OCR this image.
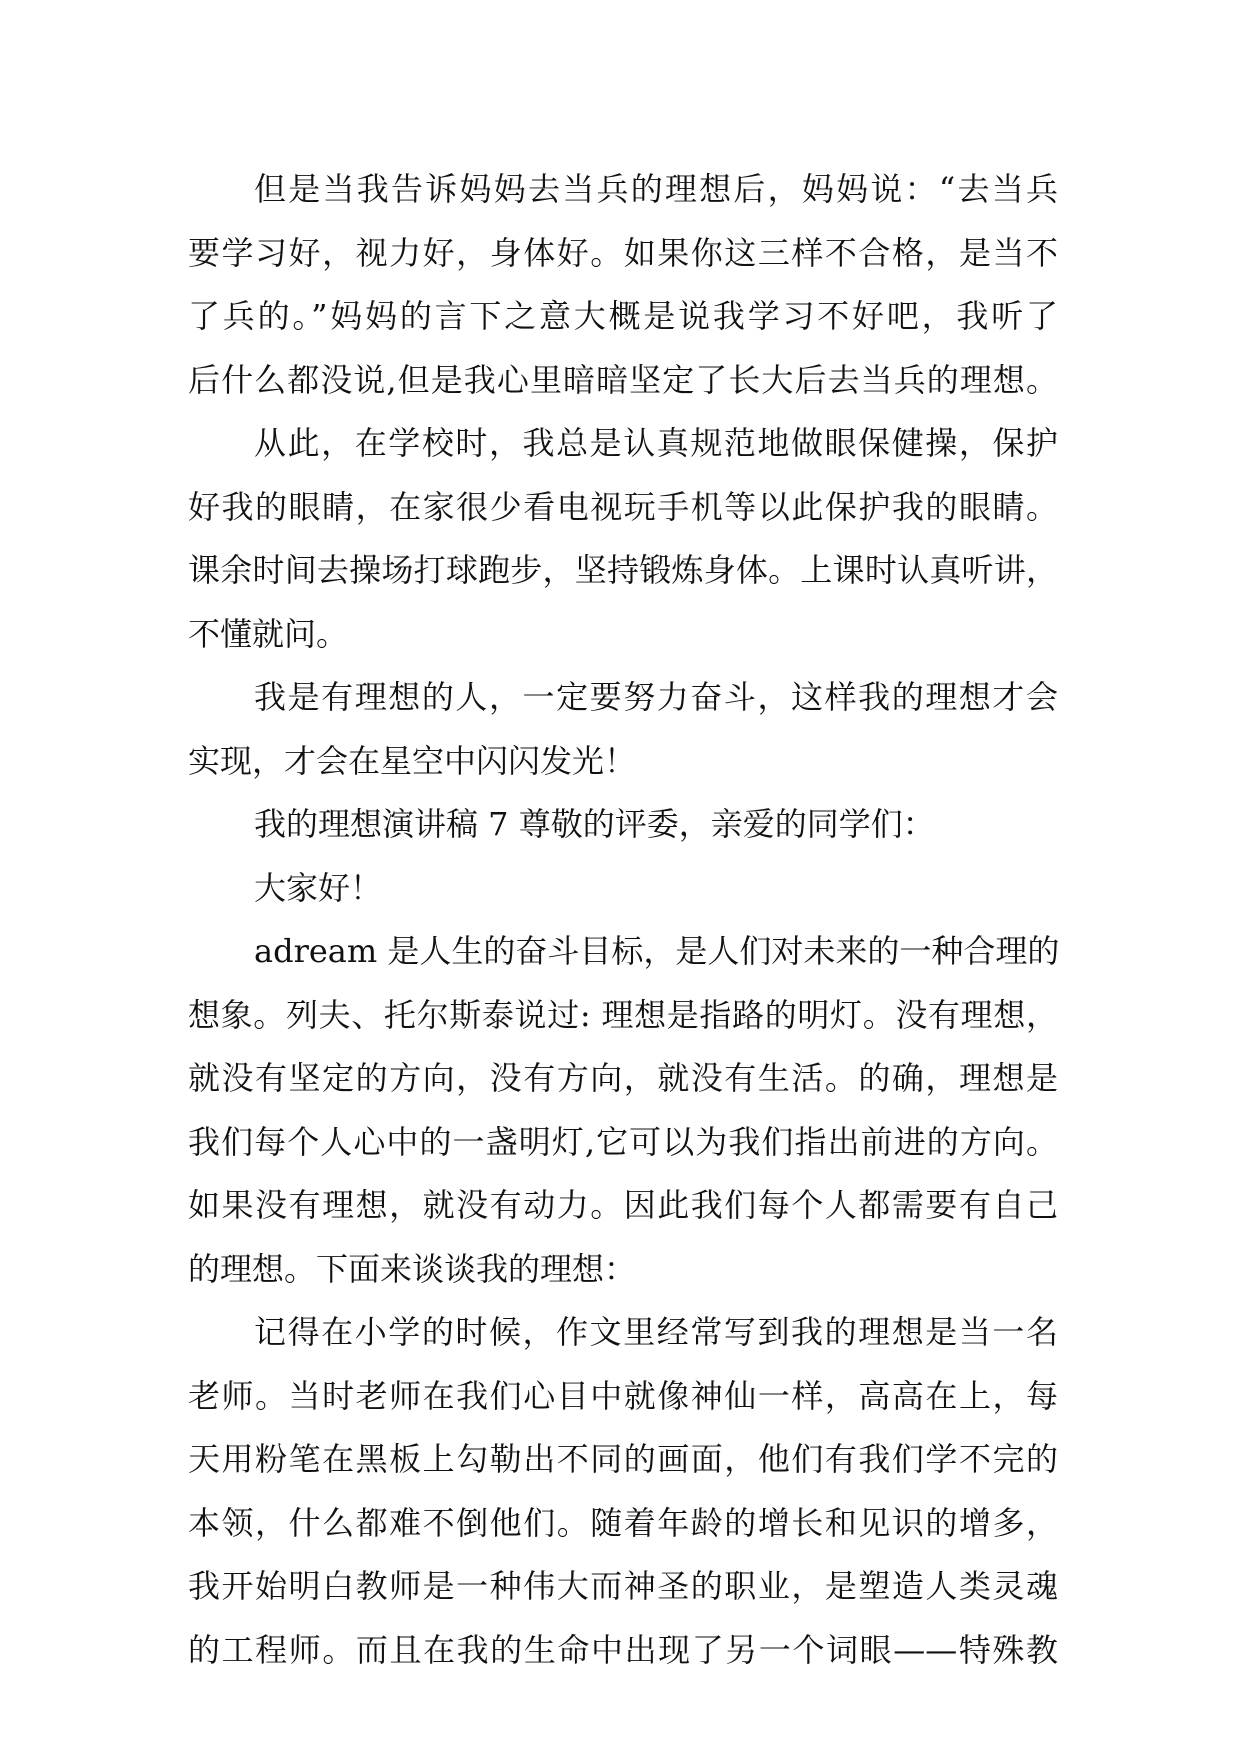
但是当我告诉妈妈去当兵的理想后，妈妈说：“去当兵
要学习好，视力好，身体好。如果你这三样不合格，是当不
了兵的。”妈妈的言下之意大概是说我学习不好吧，我听了
后什么都没说,但是我心里暗暗坚定了长大后去当兵的理想。
从此，在学校时，我总是认真规范地做眼保健操，保护
好我的眼睛，在家很少看电视玩手机等以此保护我的眼睛。
课余时间去操场打球跑步，坚持锻炼身体。上课时认真听讲，
不懂就问。
我是有理想的人，一定要努力奋斗，这样我的理想才会
实现，才会在星空中闪闪发光！
我的理想演讲稿 7 尊敬的评委，亲爱的同学们：
大家好！
adream 是人生的奋斗目标，是人们对未来的一种合理的
想象。列夫、托尔斯泰说过: 理想是指路的明灯。没有理想，
就没有坚定的方向，没有方向，就没有生活。的确，理想是
我们每个人心中的一盏明灯,它可以为我们指出前进的方向。
如果没有理想，就没有动力。因此我们每个人都需要有自己
的理想。下面来谈谈我的理想：
记得在小学的时候，作文里经常写到我的理想是当一名
老师。当时老师在我们心目中就像神仙一样，高高在上，每
天用粉笔在黑板上勾勒出不同的画面，他们有我们学不完的
本领，什么都难不倒他们。随着年龄的增长和见识的增多，
我开始明白教师是一种伟大而神圣的职业，是塑造人类灵魂
的工程师。而且在我的生命中出现了另一个词眼——特殊教
